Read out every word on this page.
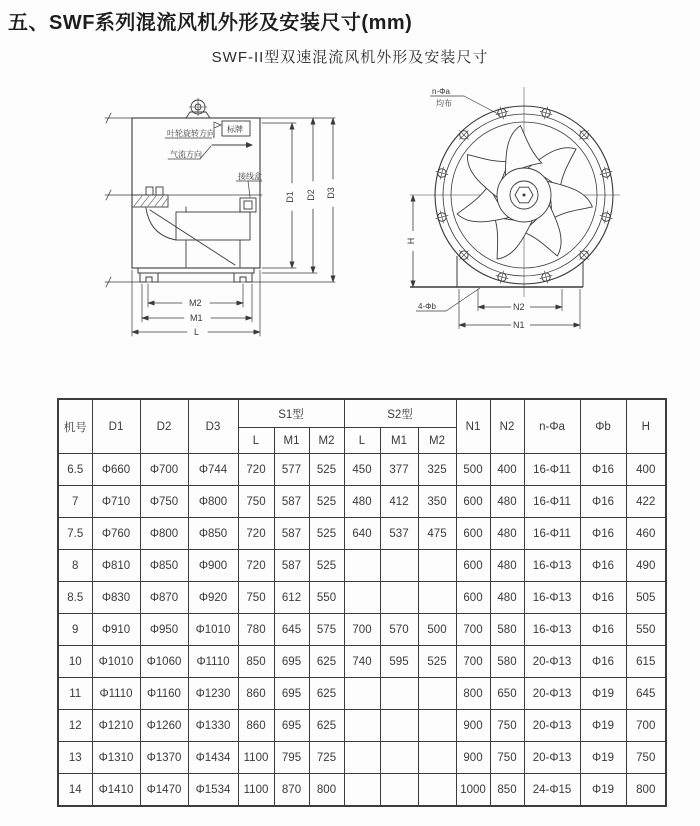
五、SWF系列混流风机外形及安装尺寸(mm)
SWF-II型双速混流风机外形及安装尺寸
叶轮旋转方向 标牌
气流方向
接线盒
M2
M1
L
D1 D2 D3
H
N2
N1
n-Φa
均布
4-Φb
机号	D1	D2	D3	S1型			S2型			N1	N2	n-Φa	Φb	H
				L	M1	M2	L	M1	M2					
6.5	Φ660	Φ700	Φ744	720	577	525	450	377	325	500	400	16-Φ11	Φ16	400
7	Φ710	Φ750	Φ800	750	587	525	480	412	350	600	480	16-Φ11	Φ16	422
7.5	Φ760	Φ800	Φ850	720	587	525	640	537	475	600	480	16-Φ11	Φ16	460
8	Φ810	Φ850	Φ900	720	587	525				600	480	16-Φ13	Φ16	490
8.5	Φ830	Φ870	Φ920	750	612	550				600	480	16-Φ13	Φ16	505
9	Φ910	Φ950	Φ1010	780	645	575	700	570	500	700	580	16-Φ13	Φ16	550
10	Φ1010	Φ1060	Φ1110	850	695	625	740	595	525	700	580	20-Φ13	Φ16	615
11	Φ1110	Φ1160	Φ1230	860	695	625				800	650	20-Φ13	Φ19	645
12	Φ1210	Φ1260	Φ1330	860	695	625				900	750	20-Φ13	Φ19	700
13	Φ1310	Φ1370	Φ1434	1100	795	725				900	750	20-Φ13	Φ19	750
14	Φ1410	Φ1470	Φ1534	1100	870	800				1000	850	24-Φ15	Φ19	800
